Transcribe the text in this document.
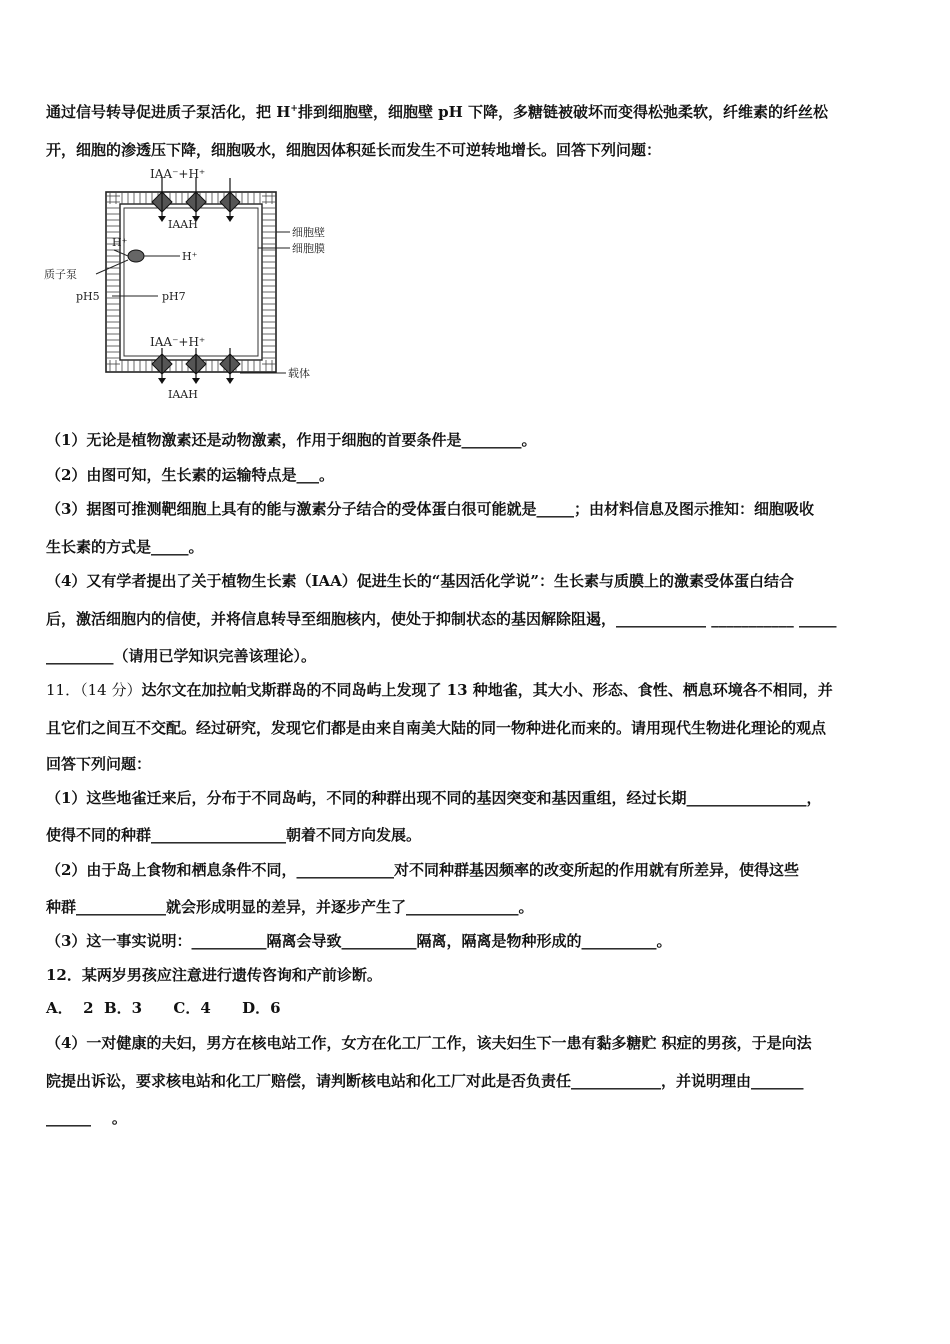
通过信号转导促进质子泵活化，把 H+排到细胞壁，细胞壁 pH 下降，多糖链被破坏而变得松弛柔软，纤维素的纤丝松
开，细胞的渗透压下降，细胞吸水，细胞因体积延长而发生不可逆转地增长。回答下列问题：
IAA⁻+H⁺
IAAH
IAA⁻+H⁺
IAAH
H⁺
H⁺
细胞壁
细胞膜
质子泵
pH5	pH7
载体
（1）无论是植物激素还是动物激素，作用于细胞的首要条件是________。
（2）由图可知，生长素的运输特点是___。
（3）据图可推测靶细胞上具有的能与激素分子结合的受体蛋白很可能就是_____；由材料信息及图示推知：细胞吸收
生长素的方式是_____。
（4）又有学者提出了关于植物生长素（IAA）促进生长的“基因活化学说”：生长素与质膜上的激素受体蛋白结合
后，激活细胞内的信使，并将信息转导至细胞核内，使处于抑制状态的基因解除阻遏，____________ ___________ _____
_________（请用已学知识完善该理论）。
11．（14 分）达尔文在加拉帕戈斯群岛的不同岛屿上发现了 13 种地雀，其大小、形态、食性、栖息环境各不相同，并
且它们之间互不交配。经过研究，发现它们都是由来自南美大陆的同一物种进化而来的。请用现代生物进化理论的观点
回答下列问题：
（1）这些地雀迁来后，分布于不同岛屿，不同的种群出现不同的基因突变和基因重组，经过长期________________，
使得不同的种群__________________朝着不同方向发展。
（2）由于岛上食物和栖息条件不同，_____________对不同种群基因频率的改变所起的作用就有所差异，使得这些
种群____________就会形成明显的差异，并逐步产生了_______________。
（3）这一事实说明：__________隔离会导致__________隔离，隔离是物种形成的__________。
12．某两岁男孩应注意进行遗传咨询和产前诊断。
A．  2  B．3      C．4      D．6
（4）一对健康的夫妇，男方在核电站工作，女方在化工厂工作，该夫妇生下一患有黏多糖贮 积症的男孩，于是向法
院提出诉讼，要求核电站和化工厂赔偿，请判断核电站和化工厂对此是否负责任____________，并说明理由_______
______    。
